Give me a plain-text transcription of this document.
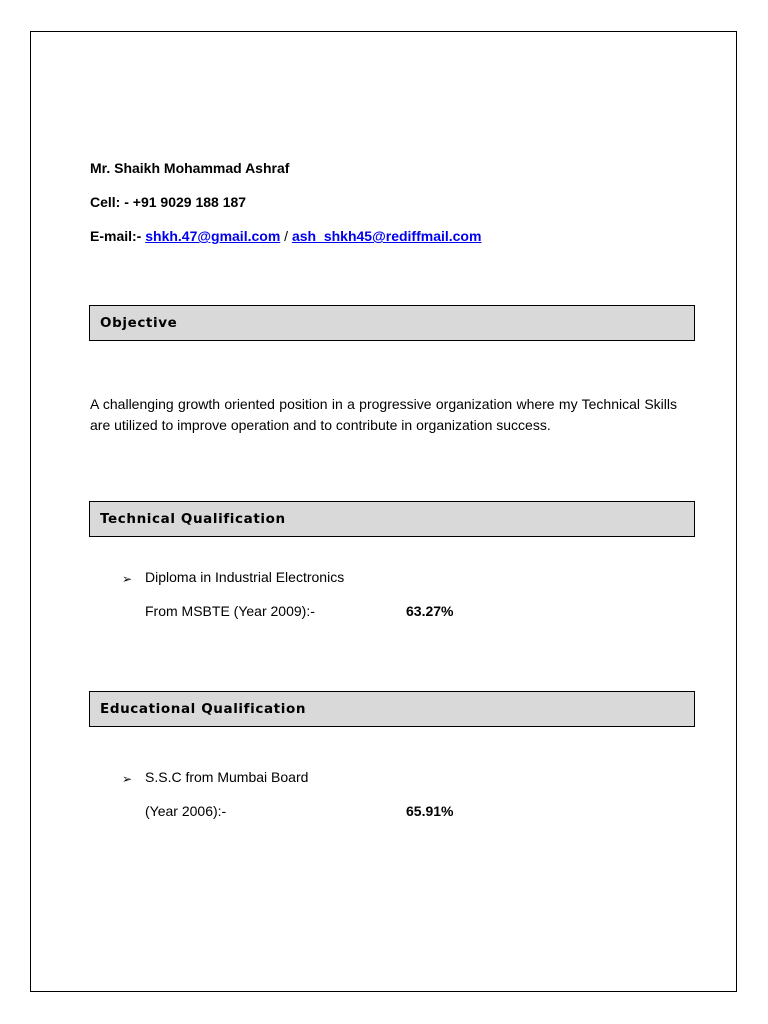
Mr. Shaikh Mohammad Ashraf
Cell: - +91 9029 188 187
E-mail:- shkh.47@gmail.com / ash_shkh45@rediffmail.com
Objective
A challenging growth oriented position in a progressive organization where my Technical Skills are utilized to improve operation and to contribute in organization success.
Technical Qualification
➢ Diploma in Industrial Electronics
From MSBTE (Year 2009):-	63.27%
Educational Qualification
➢ S.S.C from Mumbai Board
(Year 2006):-	65.91%
